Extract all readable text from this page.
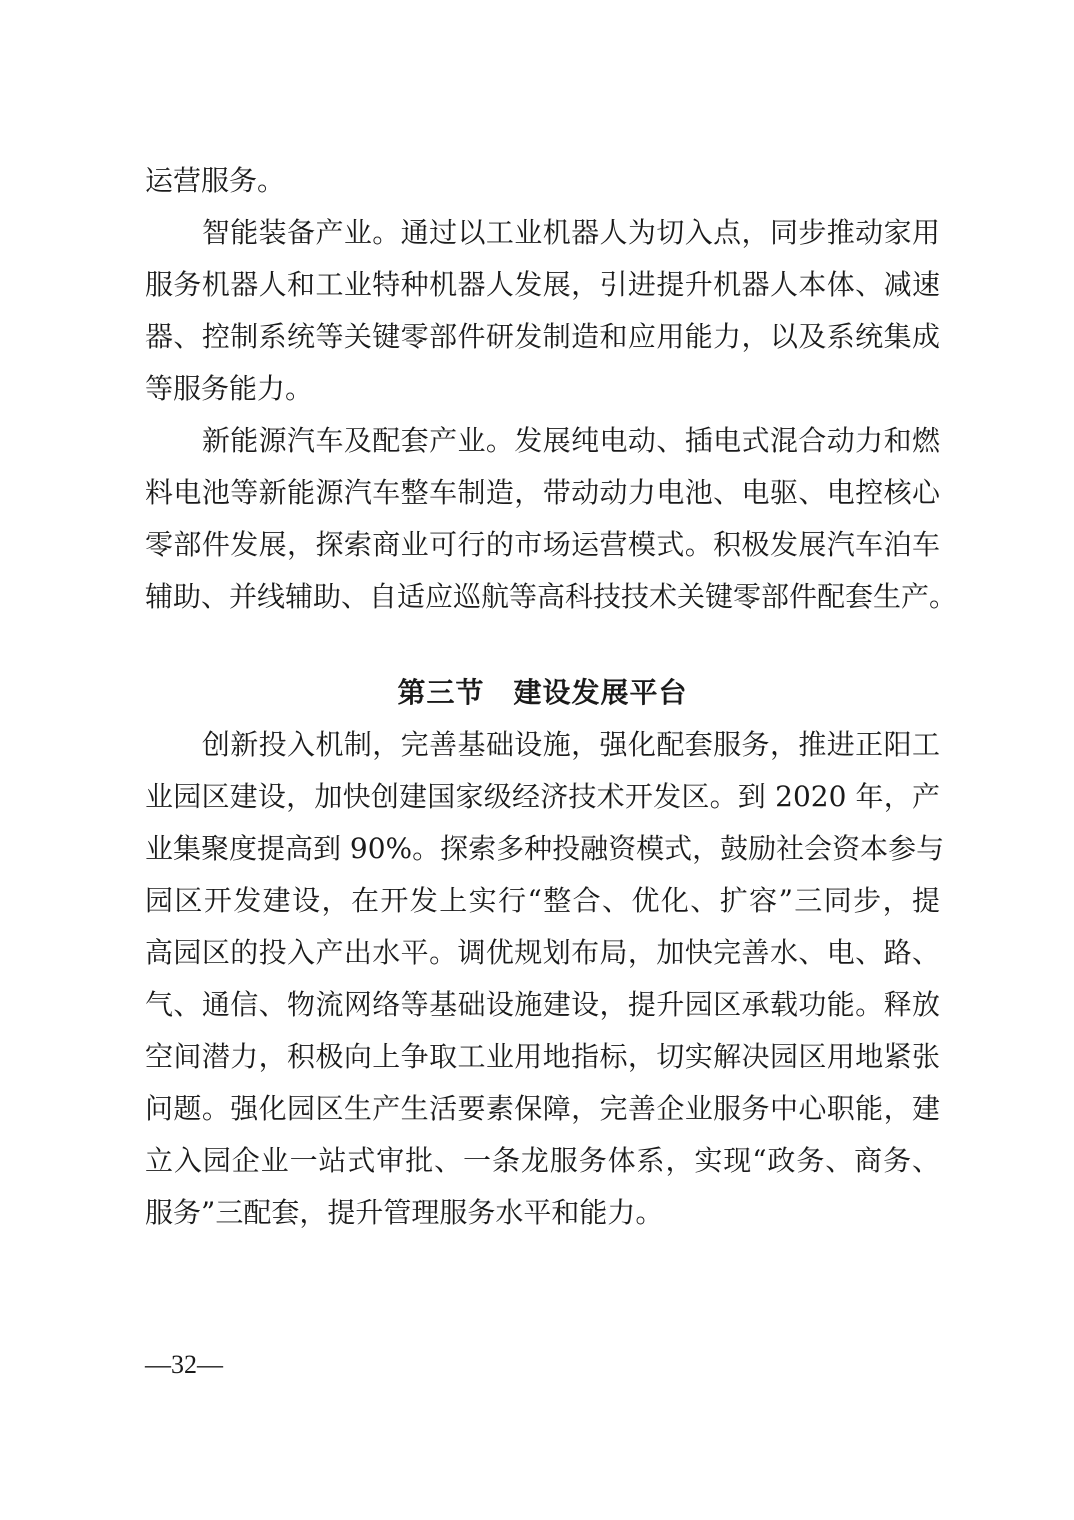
运营服务。
　　智能装备产业。通过以工业机器人为切入点，同步推动家用
服务机器人和工业特种机器人发展，引进提升机器人本体、减速
器、控制系统等关键零部件研发制造和应用能力，以及系统集成
等服务能力。
　　新能源汽车及配套产业。发展纯电动、插电式混合动力和燃
料电池等新能源汽车整车制造，带动动力电池、电驱、电控核心
零部件发展，探索商业可行的市场运营模式。积极发展汽车泊车
辅助、并线辅助、自适应巡航等高科技技术关键零部件配套生产。
第三节　建设发展平台
　　创新投入机制，完善基础设施，强化配套服务，推进正阳工
业园区建设，加快创建国家级经济技术开发区。到 2020 年，产
业集聚度提高到 90%。探索多种投融资模式，鼓励社会资本参与
园区开发建设，在开发上实行“整合、优化、扩容”三同步，提
高园区的投入产出水平。调优规划布局，加快完善水、电、路、
气、通信、物流网络等基础设施建设，提升园区承载功能。释放
空间潜力，积极向上争取工业用地指标，切实解决园区用地紧张
问题。强化园区生产生活要素保障，完善企业服务中心职能，建
立入园企业一站式审批、一条龙服务体系，实现“政务、商务、
服务”三配套，提升管理服务水平和能力。
—32—
